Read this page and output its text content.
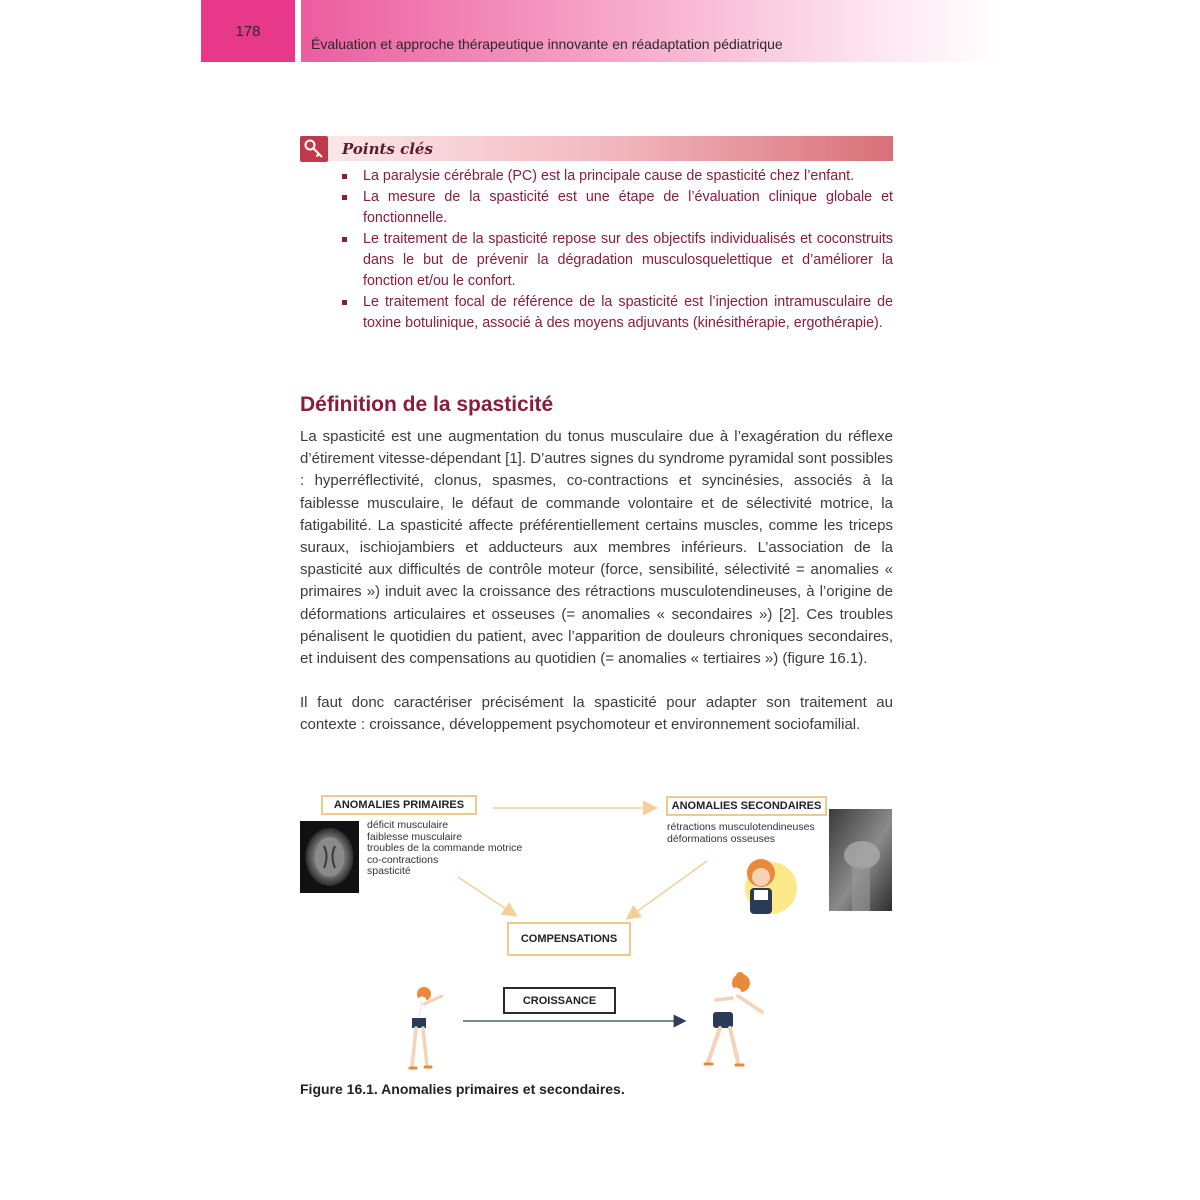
178
Évaluation et approche thérapeutique innovante en réadaptation pédiatrique
Points clés
La paralysie cérébrale (PC) est la principale cause de spasticité chez l’enfant.
La mesure de la spasticité est une étape de l’évaluation clinique globale et fonctionnelle.
Le traitement de la spasticité repose sur des objectifs individualisés et coconstruits dans le but de prévenir la dégradation musculosquelettique et d’améliorer la fonction et/ou le confort.
Le traitement focal de référence de la spasticité est l’injection intramusculaire de toxine botulinique, associé à des moyens adjuvants (kinésithérapie, ergothérapie).
Définition de la spasticité
La spasticité est une augmentation du tonus musculaire due à l’exagération du réflexe d’étirement vitesse-dépendant [1]. D’autres signes du syndrome pyramidal sont possibles : hyperréflectivité, clonus, spasmes, co-contractions et syncinésies, associés à la faiblesse musculaire, le défaut de commande volontaire et de sélectivité motrice, la fatigabilité. La spasticité affecte préférentiellement certains muscles, comme les triceps suraux, ischiojambiers et adducteurs aux membres inférieurs. L’association de la spasticité aux difficultés de contrôle moteur (force, sensibilité, sélectivité = anomalies « primaires ») induit avec la croissance des rétractions musculotendineuses, à l’origine de déformations articulaires et osseuses (= anomalies « secondaires ») [2]. Ces troubles pénalisent le quotidien du patient, avec l’apparition de douleurs chroniques secondaires, et induisent des compensations au quotidien (= anomalies « tertiaires ») (figure 16.1).
Il faut donc caractériser précisément la spasticité pour adapter son traitement au contexte : croissance, développement psychomoteur et environnement sociofamilial.
ANOMALIES PRIMAIRES
déficit musculaire
faiblesse musculaire
troubles de la commande motrice
co-contractions
spasticité
ANOMALIES SECONDAIRES
rétractions musculotendineuses
déformations osseuses
COMPENSATIONS
CROISSANCE
Figure 16.1. Anomalies primaires et secondaires.
